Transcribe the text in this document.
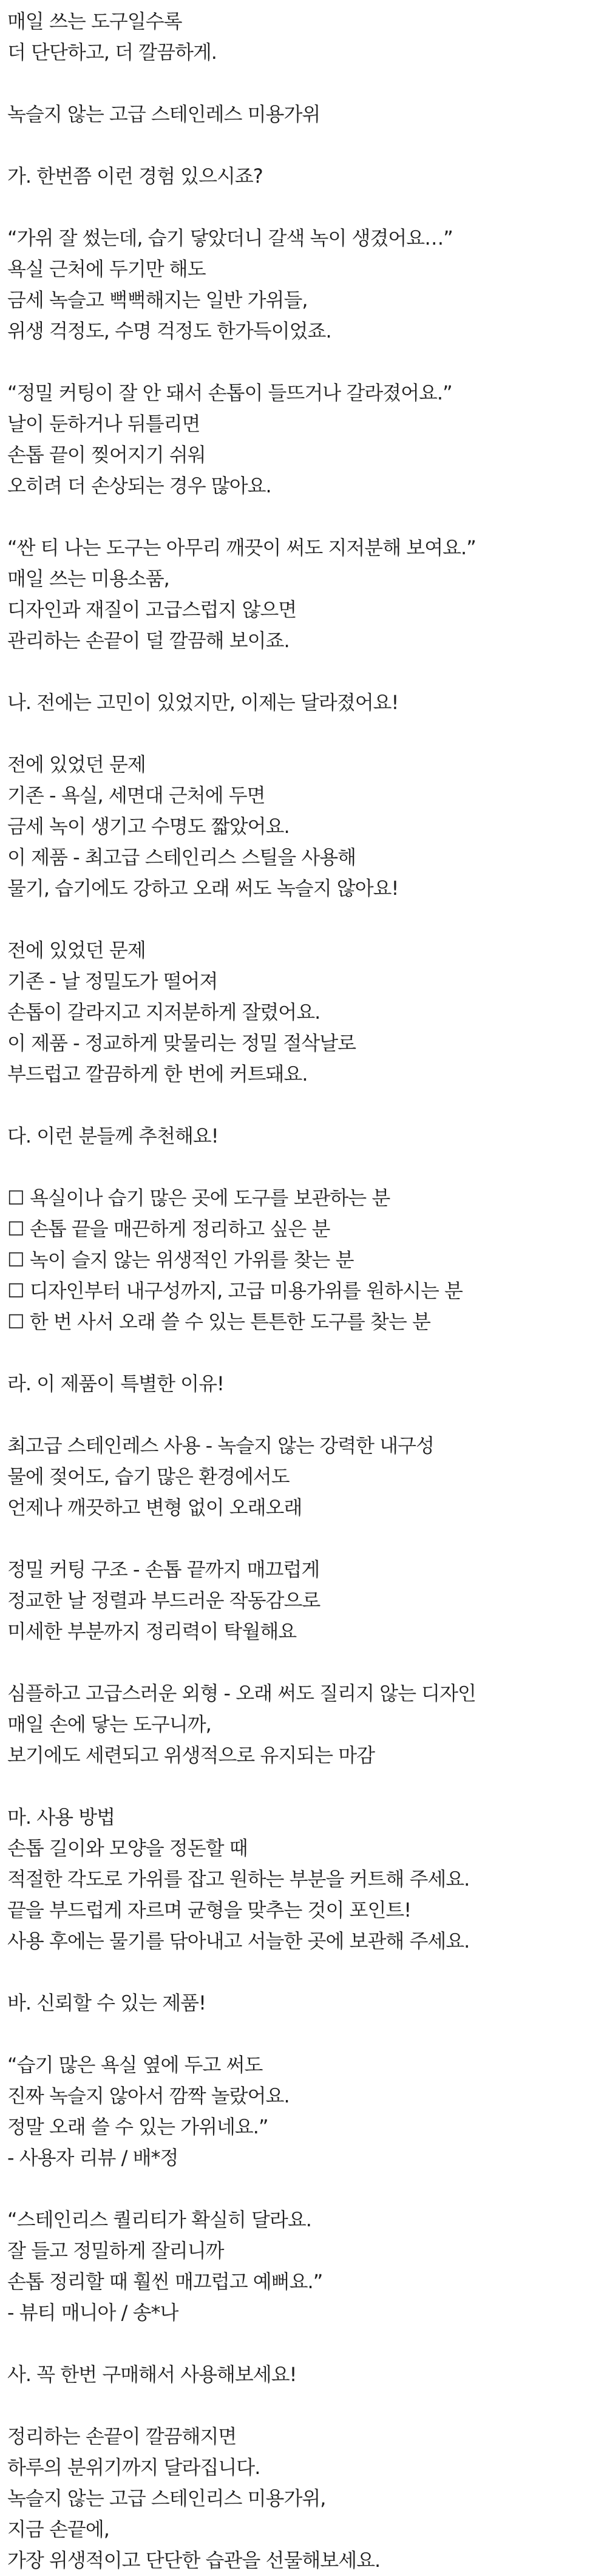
매일 쓰는 도구일수록
더 단단하고, 더 깔끔하게.
녹슬지 않는 고급 스테인레스 미용가위
가. 한번쯤 이런 경험 있으시죠?
“가위 잘 썼는데, 습기 닿았더니 갈색 녹이 생겼어요…”
욕실 근처에 두기만 해도
금세 녹슬고 뻑뻑해지는 일반 가위들,
위생 걱정도, 수명 걱정도 한가득이었죠.
“정밀 커팅이 잘 안 돼서 손톱이 들뜨거나 갈라졌어요.”
날이 둔하거나 뒤틀리면
손톱 끝이 찢어지기 쉬워
오히려 더 손상되는 경우 많아요.
“싼 티 나는 도구는 아무리 깨끗이 써도 지저분해 보여요.”
매일 쓰는 미용소품,
디자인과 재질이 고급스럽지 않으면
관리하는 손끝이 덜 깔끔해 보이죠.
나. 전에는 고민이 있었지만, 이제는 달라졌어요!
전에 있었던 문제
기존 - 욕실, 세면대 근처에 두면
금세 녹이 생기고 수명도 짧았어요.
이 제품 - 최고급 스테인리스 스틸을 사용해
물기, 습기에도 강하고 오래 써도 녹슬지 않아요!
전에 있었던 문제
기존 - 날 정밀도가 떨어져
손톱이 갈라지고 지저분하게 잘렸어요.
이 제품 - 정교하게 맞물리는 정밀 절삭날로
부드럽고 깔끔하게 한 번에 커트돼요.
다. 이런 분들께 추천해요!
☐ 욕실이나 습기 많은 곳에 도구를 보관하는 분
☐ 손톱 끝을 매끈하게 정리하고 싶은 분
☐ 녹이 슬지 않는 위생적인 가위를 찾는 분
☐ 디자인부터 내구성까지, 고급 미용가위를 원하시는 분
☐ 한 번 사서 오래 쓸 수 있는 튼튼한 도구를 찾는 분
라. 이 제품이 특별한 이유!
최고급 스테인레스 사용 - 녹슬지 않는 강력한 내구성
물에 젖어도, 습기 많은 환경에서도
언제나 깨끗하고 변형 없이 오래오래
정밀 커팅 구조 - 손톱 끝까지 매끄럽게
정교한 날 정렬과 부드러운 작동감으로
미세한 부분까지 정리력이 탁월해요
심플하고 고급스러운 외형 - 오래 써도 질리지 않는 디자인
매일 손에 닿는 도구니까,
보기에도 세련되고 위생적으로 유지되는 마감
마. 사용 방법
손톱 길이와 모양을 정돈할 때
적절한 각도로 가위를 잡고 원하는 부분을 커트해 주세요.
끝을 부드럽게 자르며 균형을 맞추는 것이 포인트!
사용 후에는 물기를 닦아내고 서늘한 곳에 보관해 주세요.
바. 신뢰할 수 있는 제품!
“습기 많은 욕실 옆에 두고 써도
진짜 녹슬지 않아서 깜짝 놀랐어요.
정말 오래 쓸 수 있는 가위네요.”
- 사용자 리뷰 / 배*정
“스테인리스 퀄리티가 확실히 달라요.
잘 들고 정밀하게 잘리니까
손톱 정리할 때 훨씬 매끄럽고 예뻐요.”
- 뷰티 매니아 / 송*나
사. 꼭 한번 구매해서 사용해보세요!
정리하는 손끝이 깔끔해지면
하루의 분위기까지 달라집니다.
녹슬지 않는 고급 스테인리스 미용가위,
지금 손끝에,
가장 위생적이고 단단한 습관을 선물해보세요.
